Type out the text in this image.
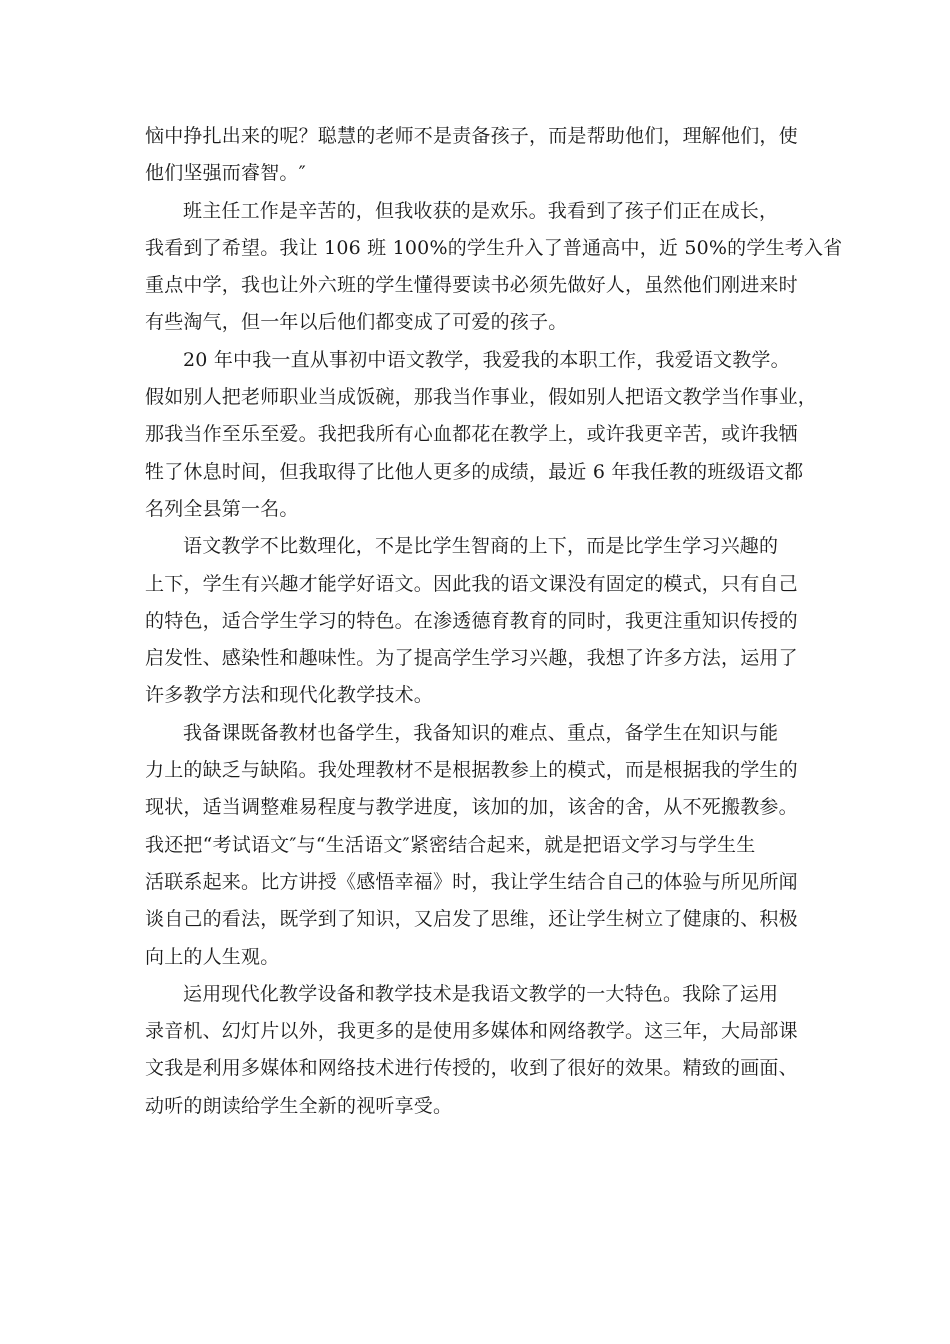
恼中挣扎出来的呢？聪慧的老师不是责备孩子，而是帮助他们，理解他们，使
他们坚强而睿智。″
班主任工作是辛苦的，但我收获的是欢乐。我看到了孩子们正在成长，
我看到了希望。我让 106 班 100%的学生升入了普通高中，近 50%的学生考入省
重点中学，我也让外六班的学生懂得要读书必须先做好人，虽然他们刚进来时
有些淘气，但一年以后他们都变成了可爱的孩子。
20 年中我一直从事初中语文教学，我爱我的本职工作，我爱语文教学。
假如别人把老师职业当成饭碗，那我当作事业，假如别人把语文教学当作事业，
那我当作至乐至爱。我把我所有心血都花在教学上，或许我更辛苦，或许我牺
牲了休息时间，但我取得了比他人更多的成绩，最近 6 年我任教的班级语文都
名列全县第一名。
语文教学不比数理化，不是比学生智商的上下，而是比学生学习兴趣的
上下，学生有兴趣才能学好语文。因此我的语文课没有固定的模式，只有自己
的特色，适合学生学习的特色。在渗透德育教育的同时，我更注重知识传授的
启发性、感染性和趣味性。为了提高学生学习兴趣，我想了许多方法，运用了
许多教学方法和现代化教学技术。
我备课既备教材也备学生，我备知识的难点、重点，备学生在知识与能
力上的缺乏与缺陷。我处理教材不是根据教参上的模式，而是根据我的学生的
现状，适当调整难易程度与教学进度，该加的加，该舍的舍，从不死搬教参。
我还把“考试语文″与“生活语文″紧密结合起来，就是把语文学习与学生生
活联系起来。比方讲授《感悟幸福》时，我让学生结合自己的体验与所见所闻
谈自己的看法，既学到了知识，又启发了思维，还让学生树立了健康的、积极
向上的人生观。
运用现代化教学设备和教学技术是我语文教学的一大特色。我除了运用
录音机、幻灯片以外，我更多的是使用多媒体和网络教学。这三年，大局部课
文我是利用多媒体和网络技术进行传授的，收到了很好的效果。精致的画面、
动听的朗读给学生全新的视听享受。
